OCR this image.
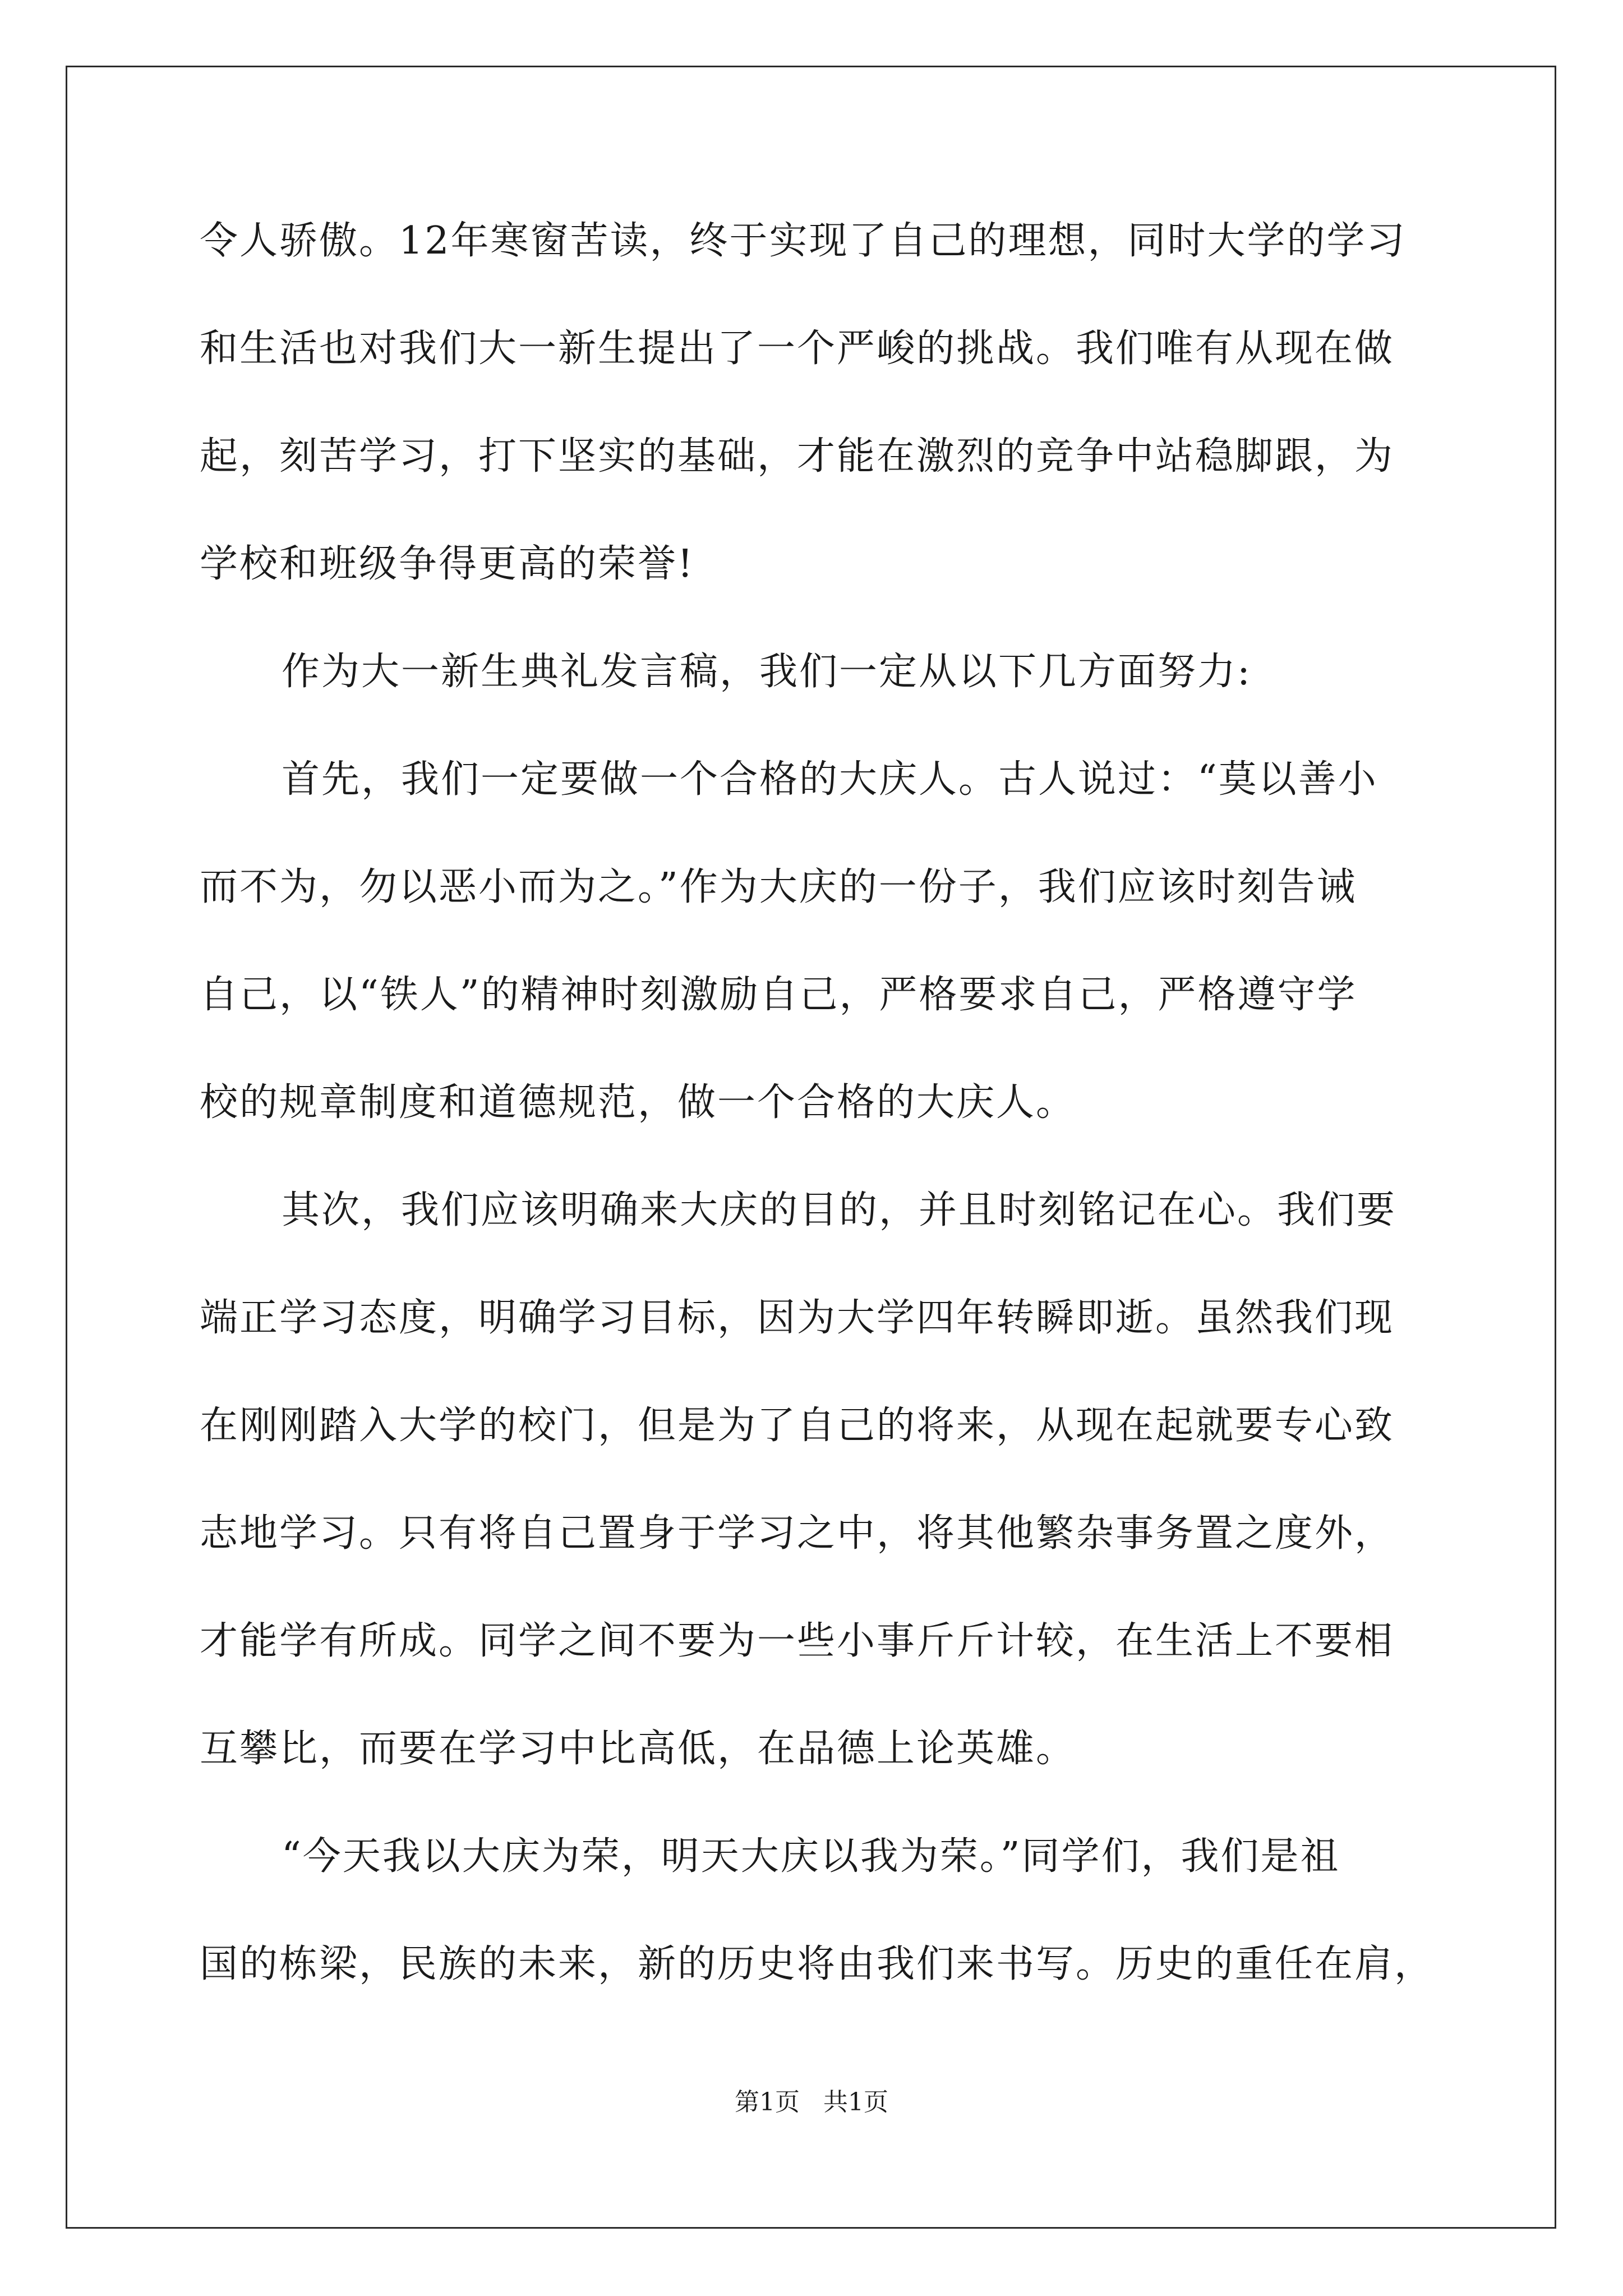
令人骄傲。12年寒窗苦读，终于实现了自己的理想，同时大学的学习
和生活也对我们大一新生提出了一个严峻的挑战。我们唯有从现在做
起，刻苦学习，打下坚实的基础，才能在激烈的竞争中站稳脚跟，为
学校和班级争得更高的荣誉!
作为大一新生典礼发言稿，我们一定从以下几方面努力:
首先，我们一定要做一个合格的大庆人。古人说过：“莫以善小
而不为，勿以恶小而为之。”作为大庆的一份子，我们应该时刻告诫
自己，以“铁人”的精神时刻激励自己，严格要求自己，严格遵守学
校的规章制度和道德规范，做一个合格的大庆人。
其次，我们应该明确来大庆的目的，并且时刻铭记在心。我们要
端正学习态度，明确学习目标，因为大学四年转瞬即逝。虽然我们现
在刚刚踏入大学的校门，但是为了自己的将来，从现在起就要专心致
志地学习。只有将自己置身于学习之中，将其他繁杂事务置之度外，
才能学有所成。同学之间不要为一些小事斤斤计较，在生活上不要相
互攀比，而要在学习中比高低，在品德上论英雄。
“今天我以大庆为荣，明天大庆以我为荣。”同学们，我们是祖
国的栋梁，民族的未来，新的历史将由我们来书写。历史的重任在肩，
第1页   共1页
